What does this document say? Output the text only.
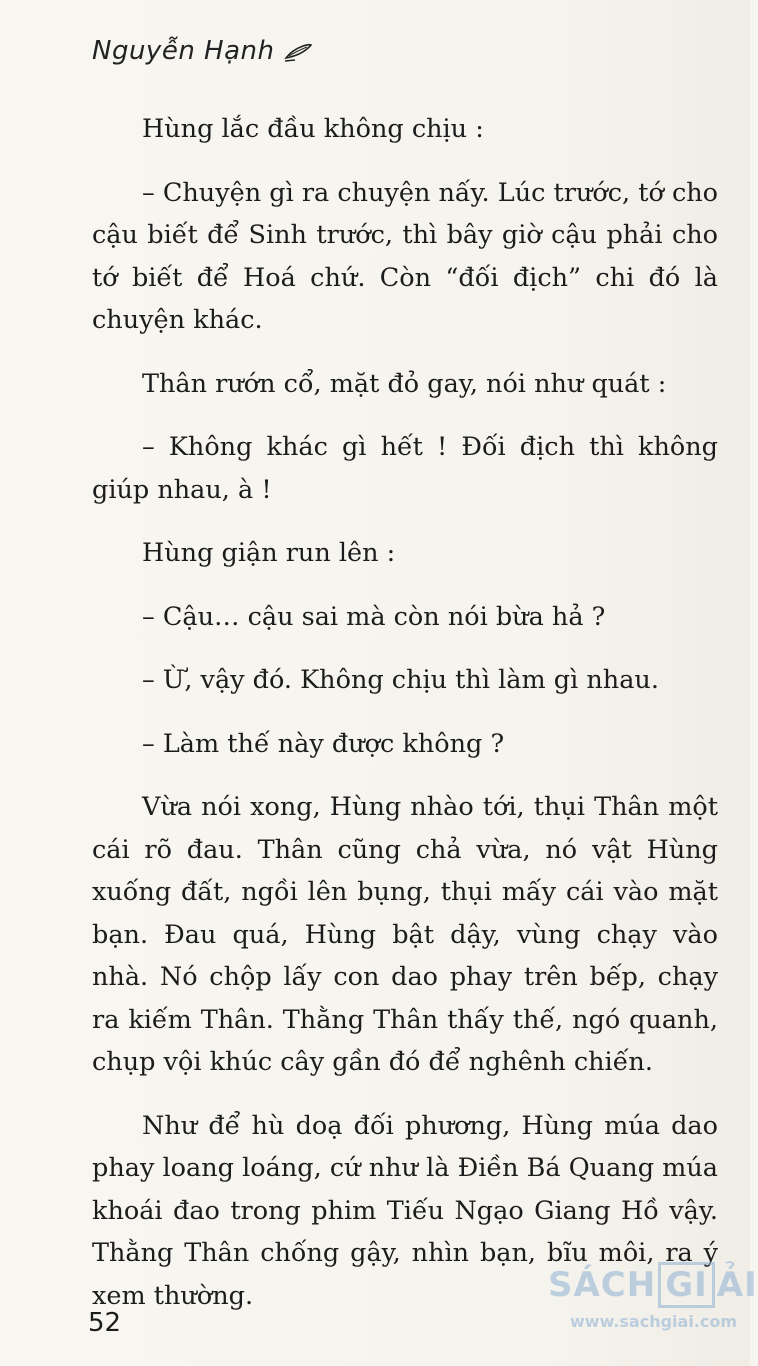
Nguyễn Hạnh

Hùng lắc đầu không chịu :

– Chuyện gì ra chuyện nấy. Lúc trước, tớ cho cậu biết để Sinh trước, thì bây giờ cậu phải cho tớ biết để Hoá chứ. Còn “đối địch” chi đó là chuyện khác.

Thân rướn cổ, mặt đỏ gay, nói như quát :

– Không khác gì hết ! Đối địch thì không giúp nhau, à !

Hùng giận run lên :

– Cậu… cậu sai mà còn nói bừa hả ?

– Ừ, vậy đó. Không chịu thì làm gì nhau.

– Làm thế này được không ?

Vừa nói xong, Hùng nhào tới, thụi Thân một cái rõ đau. Thân cũng chả vừa, nó vật Hùng xuống đất, ngồi lên bụng, thụi mấy cái vào mặt bạn. Đau quá, Hùng bật dậy, vùng chạy vào nhà. Nó chộp lấy con dao phay trên bếp, chạy ra kiếm Thân. Thằng Thân thấy thế, ngó quanh, chụp vội khúc cây gần đó để nghênh chiến.

Như để hù doạ đối phương, Hùng múa dao phay loang loáng, cứ như là Điền Bá Quang múa khoái đao trong phim Tiếu Ngạo Giang Hồ vậy. Thằng Thân chống gậy, nhìn bạn, bĩu môi, ra ý xem thường.

52
SÁCH GI ẢI
www.sachgiai.com
